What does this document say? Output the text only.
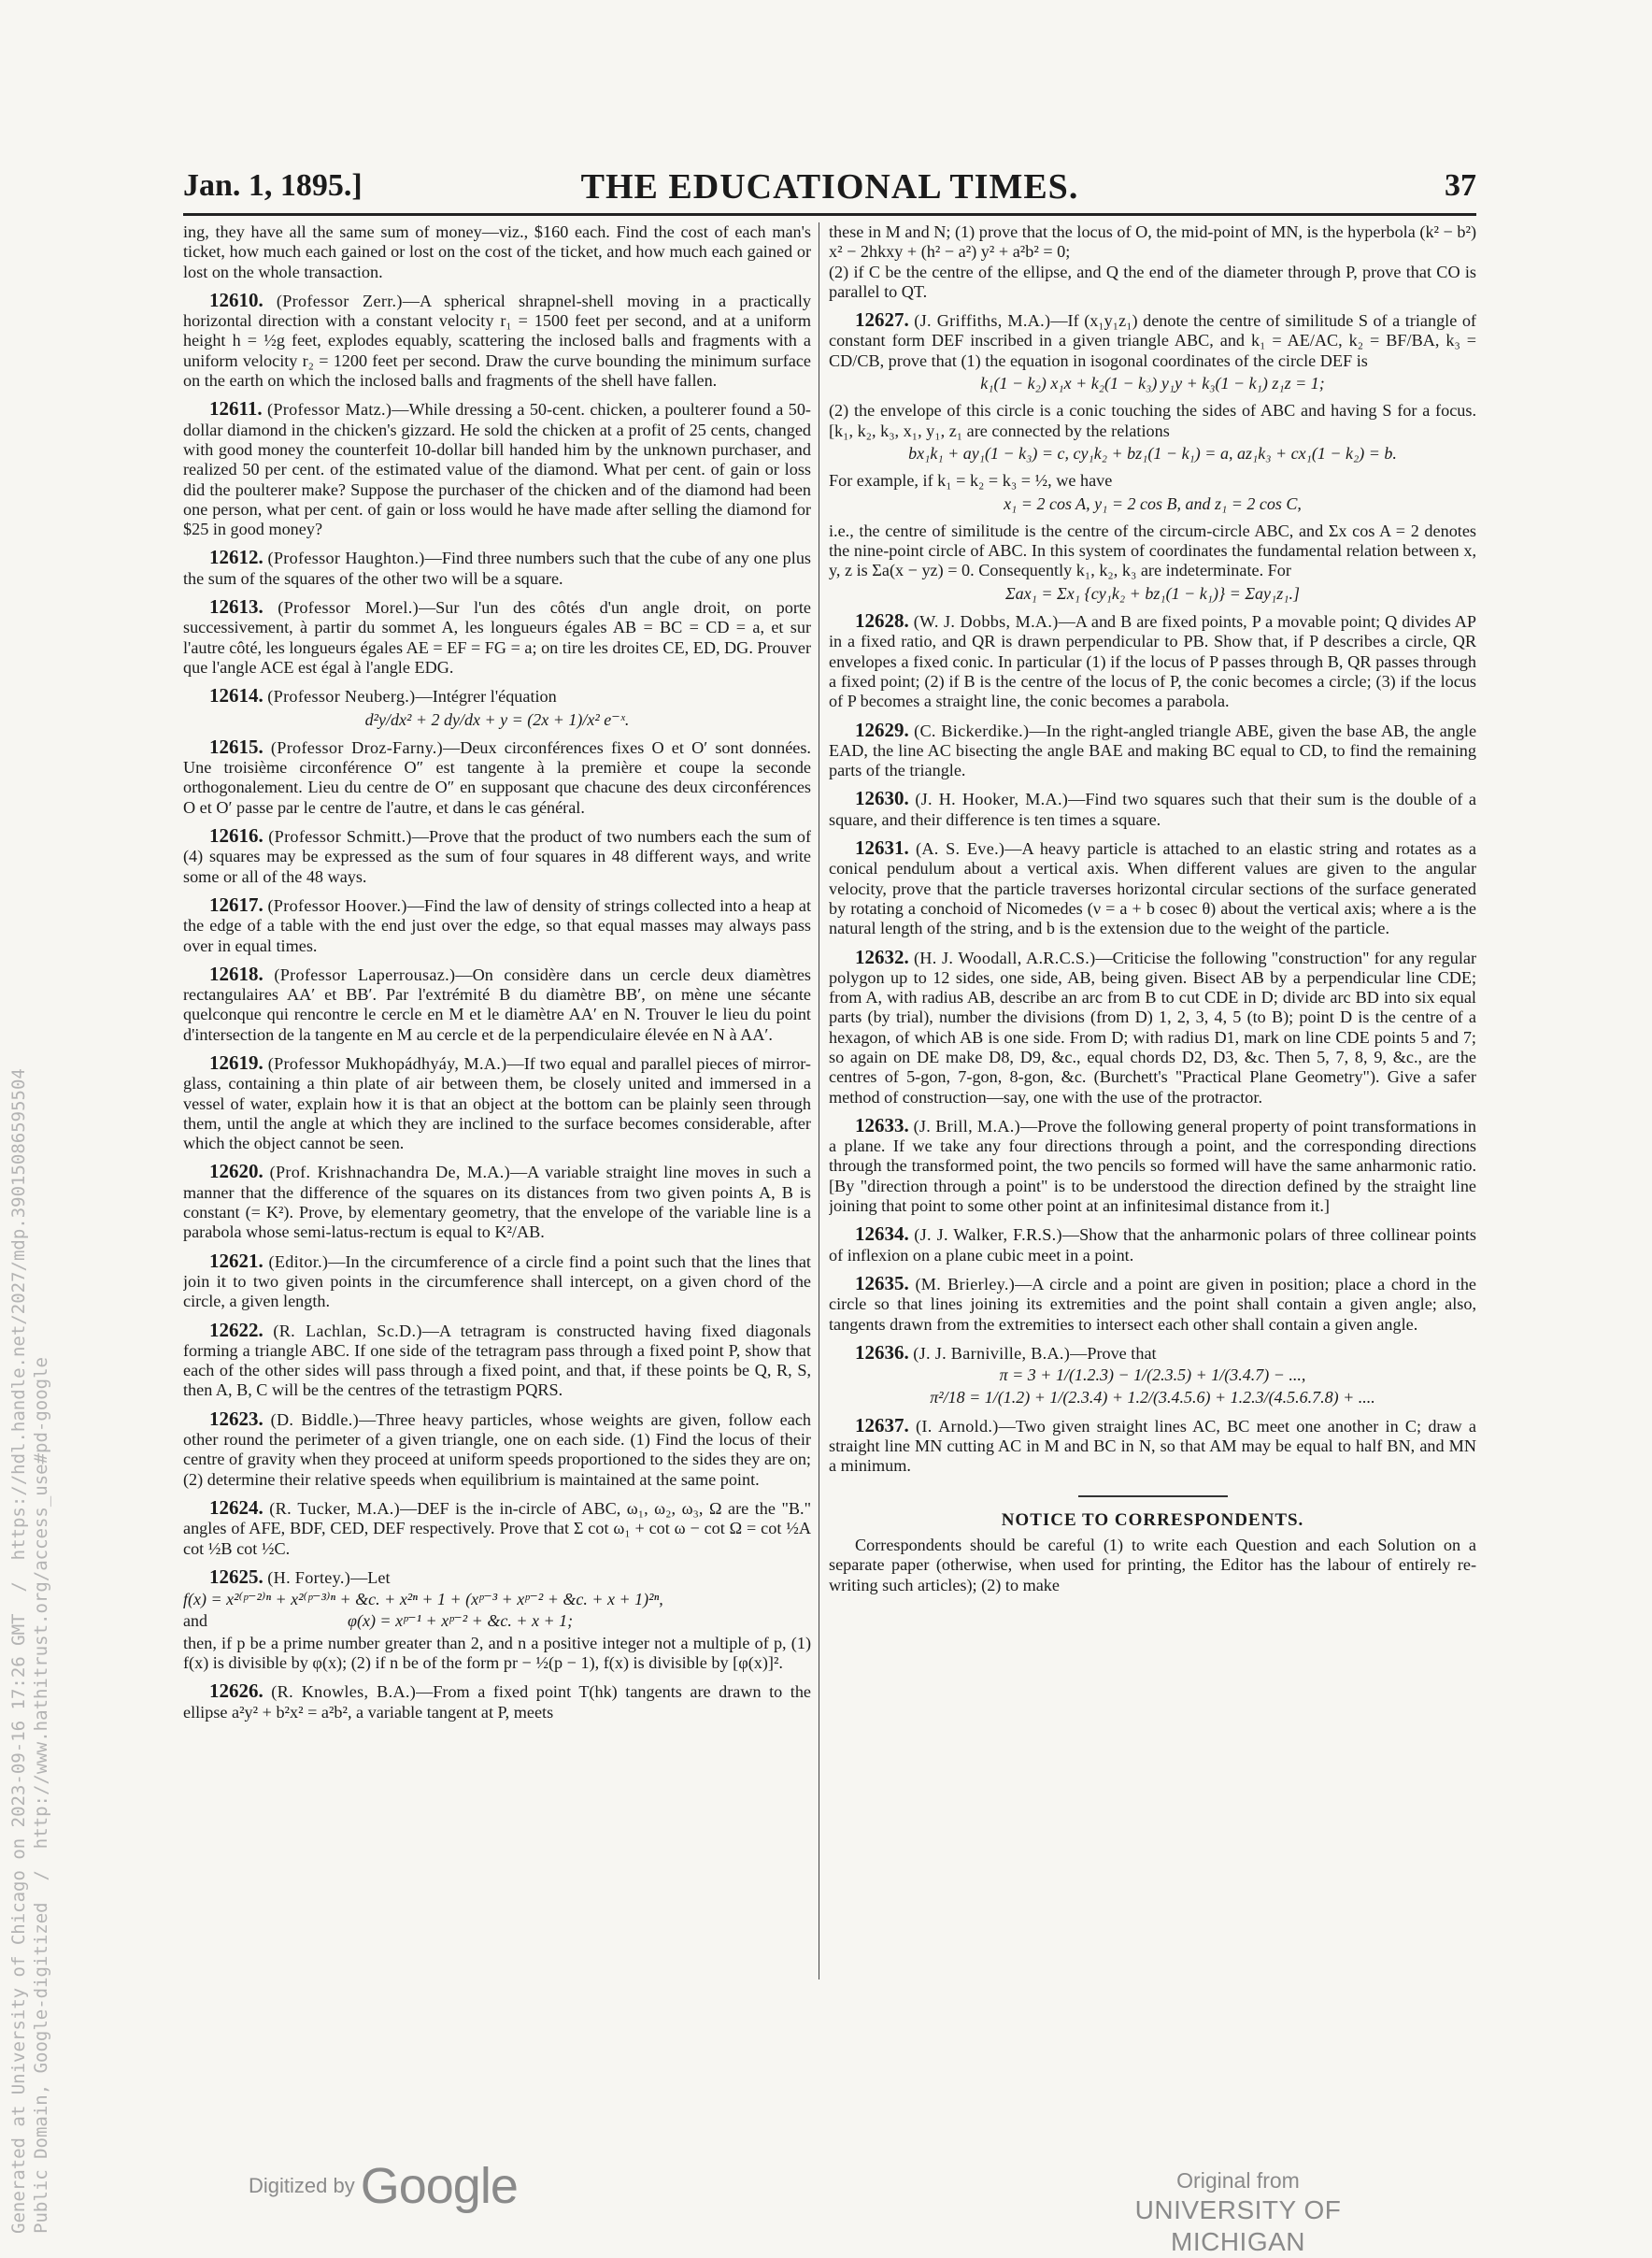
Generated at University of Chicago on 2023-09-16 17:26 GMT  /  https://hdl.handle.net/2027/mdp.39015086595504
Public Domain, Google-digitized  /  http://www.hathitrust.org/access_use#pd-google
Jan. 1, 1895.]	THE EDUCATIONAL TIMES.	37

ing, they have all the same sum of money—viz., $160 each. Find the cost of each man's ticket, how much each gained or lost on the cost of the ticket, and how much each gained or lost on the whole transaction.

12610. (Professor Zerr.)—A spherical shrapnel-shell moving in a practically horizontal direction with a constant velocity r₁ = 1500 feet per second, and at a uniform height h = ½g feet, explodes equably, scattering the inclosed balls and fragments with a uniform velocity r₂ = 1200 feet per second. Draw the curve bounding the minimum surface on the earth on which the inclosed balls and fragments of the shell have fallen.

12611. (Professor Matz.)—While dressing a 50-cent. chicken, a poulterer found a 50-dollar diamond in the chicken's gizzard. He sold the chicken at a profit of 25 cents, changed with good money the counterfeit 10-dollar bill handed him by the unknown purchaser, and realized 50 per cent. of the estimated value of the diamond. What per cent. of gain or loss did the poulterer make? Suppose the purchaser of the chicken and of the diamond had been one person, what per cent. of gain or loss would he have made after selling the diamond for $25 in good money?

12612. (Professor Haughton.)—Find three numbers such that the cube of any one plus the sum of the squares of the other two will be a square.

12613. (Professor Morel.)—Sur l'un des côtés d'un angle droit, on porte successivement, à partir du sommet A, les longueurs égales AB = BC = CD = a, et sur l'autre côté, les longueurs égales AE = EF = FG = a; on tire les droites CE, ED, DG. Prouver que l'angle ACE est égal à l'angle EDG.

12614. (Professor Neuberg.)—Intégrer l'équation

d²y/dx² + 2 dy/dx + y = (2x + 1)/x² e⁻ˣ.

12615. (Professor Droz-Farny.)—Deux circonférences fixes O et O′ sont données. Une troisième circonférence O″ est tangente à la première et coupe la seconde orthogonalement. Lieu du centre de O″ en supposant que chacune des deux circonférences O et O′ passe par le centre de l'autre, et dans le cas général.

12616. (Professor Schmitt.)—Prove that the product of two numbers each the sum of (4) squares may be expressed as the sum of four squares in 48 different ways, and write some or all of the 48 ways.

12617. (Professor Hoover.)—Find the law of density of strings collected into a heap at the edge of a table with the end just over the edge, so that equal masses may always pass over in equal times.

12618. (Professor Laperrousaz.)—On considère dans un cercle deux diamètres rectangulaires AA′ et BB′. Par l'extrémité B du diamètre BB′, on mène une sécante quelconque qui rencontre le cercle en M et le diamètre AA′ en N. Trouver le lieu du point d'intersection de la tangente en M au cercle et de la perpendiculaire élevée en N à AA′.

12619. (Professor Mukhopádhyáy, M.A.)—If two equal and parallel pieces of mirror-glass, containing a thin plate of air between them, be closely united and immersed in a vessel of water, explain how it is that an object at the bottom can be plainly seen through them, until the angle at which they are inclined to the surface becomes considerable, after which the object cannot be seen.

12620. (Prof. Krishnachandra De, M.A.)—A variable straight line moves in such a manner that the difference of the squares on its distances from two given points A, B is constant (= K²). Prove, by elementary geometry, that the envelope of the variable line is a parabola whose semi-latus-rectum is equal to K²/AB.

12621. (Editor.)—In the circumference of a circle find a point such that the lines that join it to two given points in the circumference shall intercept, on a given chord of the circle, a given length.

12622. (R. Lachlan, Sc.D.)—A tetragram is constructed having fixed diagonals forming a triangle ABC. If one side of the tetragram pass through a fixed point P, show that each of the other sides will pass through a fixed point, and that, if these points be Q, R, S, then A, B, C will be the centres of the tetrastigm PQRS.

12623. (D. Biddle.)—Three heavy particles, whose weights are given, follow each other round the perimeter of a given triangle, one on each side. (1) Find the locus of their centre of gravity when they proceed at uniform speeds proportioned to the sides they are on; (2) determine their relative speeds when equilibrium is maintained at the same point.

12624. (R. Tucker, M.A.)—DEF is the in-circle of ABC, ω₁, ω₂, ω₃, Ω are the "B." angles of AFE, BDF, CED, DEF respectively. Prove that Σ cot ω₁ + cot ω − cot Ω = cot ½A cot ½B cot ½C.

12625. (H. Fortey.)—Let

f(x) = x²⁽ᵖ⁻²⁾ⁿ + x²⁽ᵖ⁻³⁾ⁿ + &c. + x²ⁿ + 1 + (xᵖ⁻³ + xᵖ⁻² + &c. + x + 1)²ⁿ,
and	φ(x) = xᵖ⁻¹ + xᵖ⁻² + &c. + x + 1;

then, if p be a prime number greater than 2, and n a positive integer not a multiple of p, (1) f(x) is divisible by φ(x); (2) if n be of the form pr − ½(p − 1), f(x) is divisible by [φ(x)]².

12626. (R. Knowles, B.A.)—From a fixed point T(hk) tangents are drawn to the ellipse a²y² + b²x² = a²b², a variable tangent at P, meets

these in M and N; (1) prove that the locus of O, the mid-point of MN, is the hyperbola (k² − b²) x² − 2hkxy + (h² − a²) y² + a²b² = 0;

(2) if C be the centre of the ellipse, and Q the end of the diameter through P, prove that CO is parallel to QT.

12627. (J. Griffiths, M.A.)—If (x₁y₁z₁) denote the centre of similitude S of a triangle of constant form DEF inscribed in a given triangle ABC, and k₁ = AE/AC, k₂ = BF/BA, k₃ = CD/CB, prove that (1) the equation in isogonal coordinates of the circle DEF is

k₁(1 − k₂) x₁x + k₂(1 − k₃) y₁y + k₃(1 − k₁) z₁z = 1;

(2) the envelope of this circle is a conic touching the sides of ABC and having S for a focus. [k₁, k₂, k₃, x₁, y₁, z₁ are connected by the relations

bx₁k₁ + ay₁(1 − k₃) = c, cy₁k₂ + bz₁(1 − k₁) = a, az₁k₃ + cx₁(1 − k₂) = b.

For example, if k₁ = k₂ = k₃ = ½, we have

x₁ = 2 cos A, y₁ = 2 cos B, and z₁ = 2 cos C,

i.e., the centre of similitude is the centre of the circum-circle ABC, and Σx cos A = 2 denotes the nine-point circle of ABC. In this system of coordinates the fundamental relation between x, y, z is Σa(x − yz) = 0. Consequently k₁, k₂, k₃ are indeterminate. For

Σax₁ = Σx₁ {cy₁k₂ + bz₁(1 − k₁)} = Σay₁z₁.]

12628. (W. J. Dobbs, M.A.)—A and B are fixed points, P a movable point; Q divides AP in a fixed ratio, and QR is drawn perpendicular to PB. Show that, if P describes a circle, QR envelopes a fixed conic. In particular (1) if the locus of P passes through B, QR passes through a fixed point; (2) if B is the centre of the locus of P, the conic becomes a circle; (3) if the locus of P becomes a straight line, the conic becomes a parabola.

12629. (C. Bickerdike.)—In the right-angled triangle ABE, given the base AB, the angle EAD, the line AC bisecting the angle BAE and making BC equal to CD, to find the remaining parts of the triangle.

12630. (J. H. Hooker, M.A.)—Find two squares such that their sum is the double of a square, and their difference is ten times a square.

12631. (A. S. Eve.)—A heavy particle is attached to an elastic string and rotates as a conical pendulum about a vertical axis. When different values are given to the angular velocity, prove that the particle traverses horizontal circular sections of the surface generated by rotating a conchoid of Nicomedes (ν = a + b cosec θ) about the vertical axis; where a is the natural length of the string, and b is the extension due to the weight of the particle.

12632. (H. J. Woodall, A.R.C.S.)—Criticise the following "construction" for any regular polygon up to 12 sides, one side, AB, being given. Bisect AB by a perpendicular line CDE; from A, with radius AB, describe an arc from B to cut CDE in D; divide arc BD into six equal parts (by trial), number the divisions (from D) 1, 2, 3, 4, 5 (to B); point D is the centre of a hexagon, of which AB is one side. From D; with radius D1, mark on line CDE points 5 and 7; so again on DE make D8, D9, &c., equal chords D2, D3, &c. Then 5, 7, 8, 9, &c., are the centres of 5-gon, 7-gon, 8-gon, &c. (Burchett's "Practical Plane Geometry"). Give a safer method of construction—say, one with the use of the protractor.

12633. (J. Brill, M.A.)—Prove the following general property of point transformations in a plane. If we take any four directions through a point, and the corresponding directions through the transformed point, the two pencils so formed will have the same anharmonic ratio. [By "direction through a point" is to be understood the direction defined by the straight line joining that point to some other point at an infinitesimal distance from it.]

12634. (J. J. Walker, F.R.S.)—Show that the anharmonic polars of three collinear points of inflexion on a plane cubic meet in a point.

12635. (M. Brierley.)—A circle and a point are given in position; place a chord in the circle so that lines joining its extremities and the point shall contain a given angle; also, tangents drawn from the extremities to intersect each other shall contain a given angle.

12636. (J. J. Barniville, B.A.)—Prove that

π = 3 + 1/(1.2.3) − 1/(2.3.5) + 1/(3.4.7) − ...,
π²/18 = 1/(1.2) + 1/(2.3.4) + 1.2/(3.4.5.6) + 1.2.3/(4.5.6.7.8) + ....

12637. (I. Arnold.)—Two given straight lines AC, BC meet one another in C; draw a straight line MN cutting AC in M and BC in N, so that AM may be equal to half BN, and MN a minimum.

NOTICE TO CORRESPONDENTS.

Correspondents should be careful (1) to write each Question and each Solution on a separate paper (otherwise, when used for printing, the Editor has the labour of entirely re-writing such articles); (2) to make

Digitized by Google	Original from
UNIVERSITY OF MICHIGAN
